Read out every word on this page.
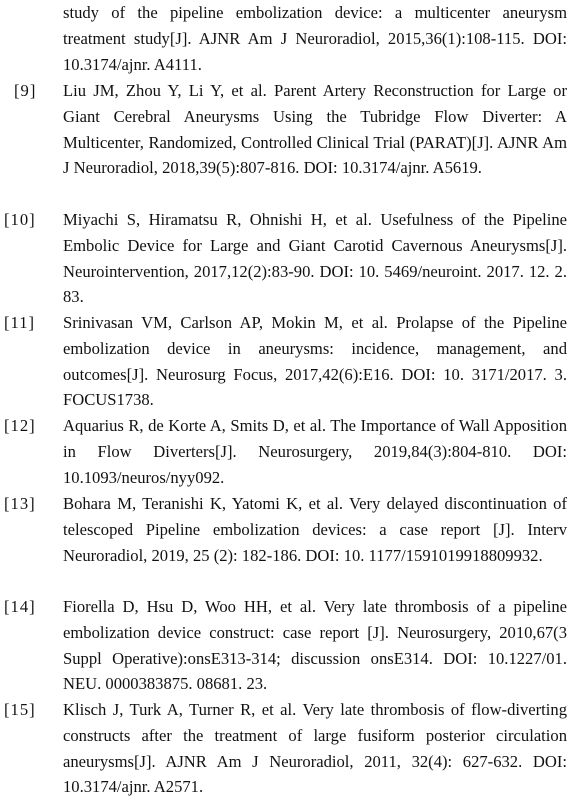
study of the pipeline embolization device: a multicenter aneurysm treatment study[J]. AJNR Am J Neuroradiol, 2015,36(1):108-115. DOI: 10.3174/ajnr. A4111.
[9]	Liu JM, Zhou Y, Li Y, et al. Parent Artery Reconstruction for Large or Giant Cerebral Aneurysms Using the Tubridge Flow Diverter: A Multicenter, Randomized, Controlled Clinical Trial (PARAT)[J]. AJNR Am J Neuroradiol, 2018,39(5):807-816. DOI: 10.3174/ajnr. A5619.
[10]	Miyachi S, Hiramatsu R, Ohnishi H, et al. Usefulness of the Pipeline Embolic Device for Large and Giant Carotid Cavernous Aneurysms[J]. Neurointervention, 2017,12(2):83-90. DOI: 10. 5469/neuroint. 2017. 12. 2. 83.
[11]	Srinivasan VM, Carlson AP, Mokin M, et al. Prolapse of the Pipeline embolization device in aneurysms: incidence, management, and outcomes[J]. Neurosurg Focus, 2017,42(6):E16. DOI: 10. 3171/2017. 3. FOCUS1738.
[12]	Aquarius R, de Korte A, Smits D, et al. The Importance of Wall Apposition in Flow Diverters[J]. Neurosurgery, 2019,84(3):804-810. DOI: 10.1093/neuros/nyy092.
[13]	Bohara M, Teranishi K, Yatomi K, et al. Very delayed discontinuation of telescoped Pipeline embolization devices: a case report [J]. Interv Neuroradiol, 2019, 25 (2): 182-186. DOI: 10. 1177/1591019918809932.
[14]	Fiorella D, Hsu D, Woo HH, et al. Very late thrombosis of a pipeline embolization device construct: case report [J]. Neurosurgery, 2010,67(3 Suppl Operative):onsE313-314; discussion onsE314. DOI: 10.1227/01. NEU. 0000383875. 08681. 23.
[15]	Klisch J, Turk A, Turner R, et al. Very late thrombosis of flow-diverting constructs after the treatment of large fusiform posterior circulation aneurysms[J]. AJNR Am J Neuroradiol, 2011, 32(4): 627-632. DOI: 10.3174/ajnr. A2571.
